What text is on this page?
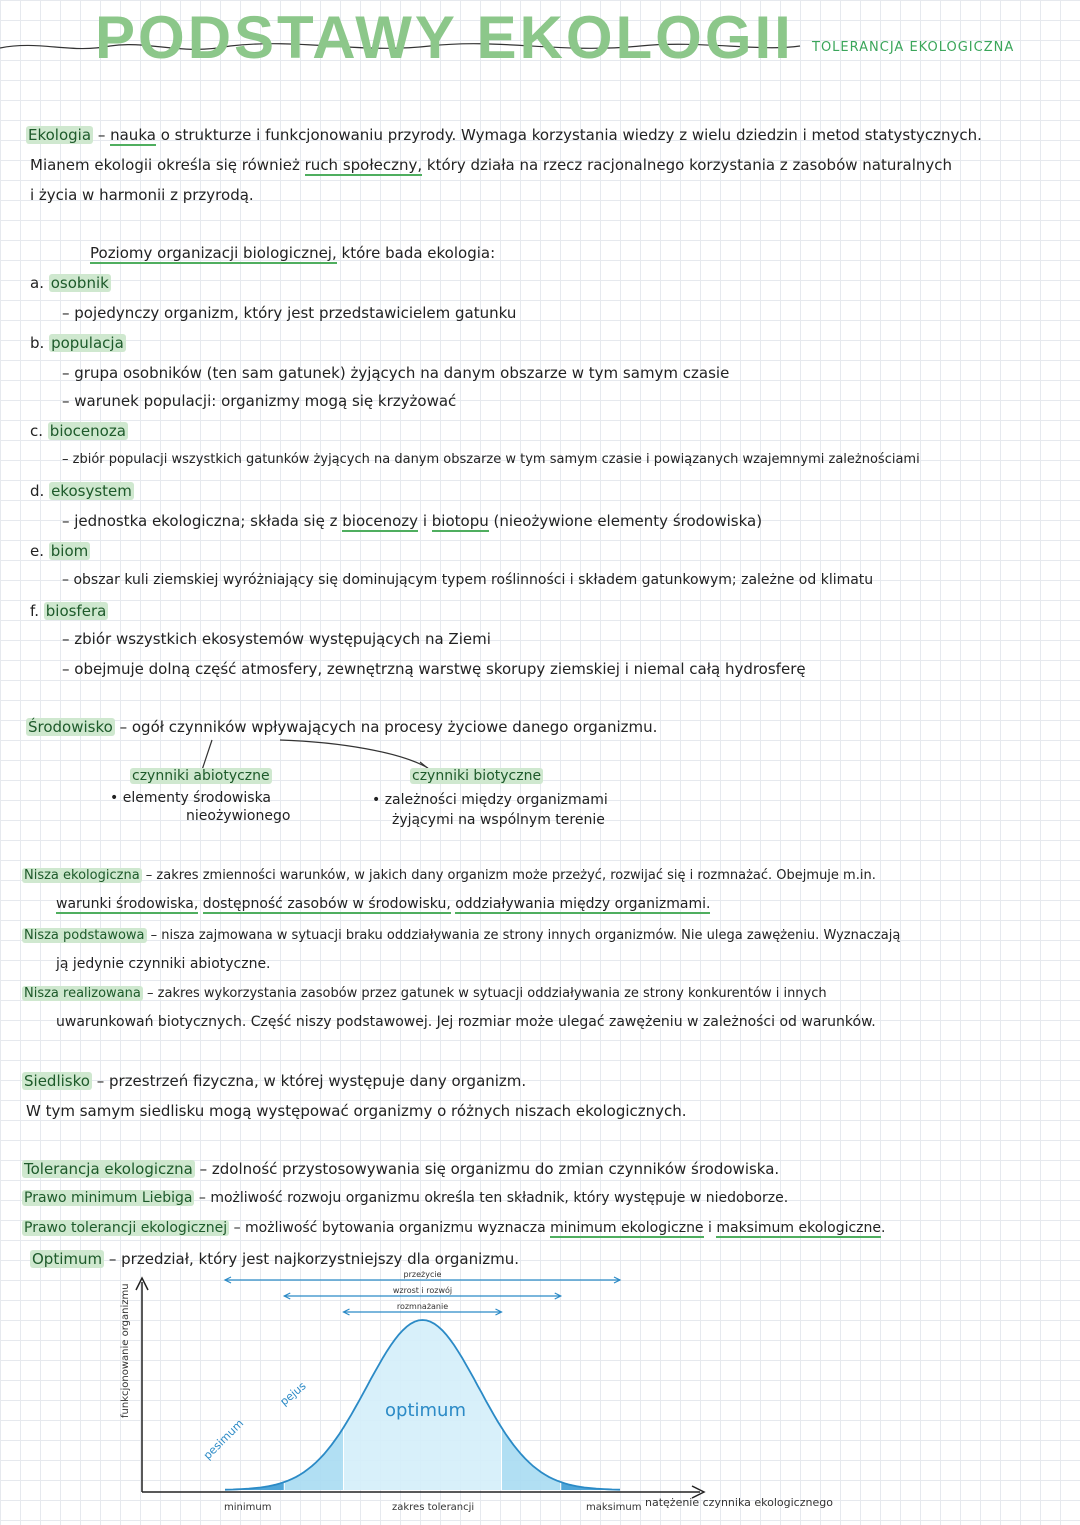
PODSTAWY EKOLOGII TOLERANCJA EKOLOGICZNA
Ekologia – nauka o strukturze i funkcjonowaniu przyrody. Wymaga korzystania wiedzy z wielu dziedzin i metod statystycznych.
Mianem ekologii określa się również ruch społeczny, który działa na rzecz racjonalnego korzystania z zasobów naturalnych
i życia w harmonii z przyrodą.
Poziomy organizacji biologicznej, które bada ekologia:
a. osobnik
– pojedynczy organizm, który jest przedstawicielem gatunku
b. populacja
– grupa osobników (ten sam gatunek) żyjących na danym obszarze w tym samym czasie
– warunek populacji: organizmy mogą się krzyżować
c. biocenoza
– zbiór populacji wszystkich gatunków żyjących na danym obszarze w tym samym czasie i powiązanych wzajemnymi zależnościami
d. ekosystem
– jednostka ekologiczna; składa się z biocenozy i biotopu (nieożywione elementy środowiska)
e. biom
– obszar kuli ziemskiej wyróżniający się dominującym typem roślinności i składem gatunkowym; zależne od klimatu
f. biosfera
– zbiór wszystkich ekosystemów występujących na Ziemi
– obejmuje dolną część atmosfery, zewnętrzną warstwę skorupy ziemskiej i niemal całą hydrosferę
Środowisko – ogół czynników wpływających na procesy życiowe danego organizmu.
czynniki abiotyczne
• elementy środowiska
nieożywionego
czynniki biotyczne
• zależności między organizmami
żyjącymi na wspólnym terenie
Nisza ekologiczna – zakres zmienności warunków, w jakich dany organizm może przeżyć, rozwijać się i rozmnażać. Obejmuje m.in.
warunki środowiska, dostępność zasobów w środowisku, oddziaływania między organizmami.
Nisza podstawowa – nisza zajmowana w sytuacji braku oddziaływania ze strony innych organizmów. Nie ulega zawężeniu. Wyznaczają
ją jedynie czynniki abiotyczne.
Nisza realizowana – zakres wykorzystania zasobów przez gatunek w sytuacji oddziaływania ze strony konkurentów i innych
uwarunkowań biotycznych. Część niszy podstawowej. Jej rozmiar może ulegać zawężeniu w zależności od warunków.
Siedlisko – przestrzeń fizyczna, w której występuje dany organizm.
W tym samym siedlisku mogą występować organizmy o różnych niszach ekologicznych.
Tolerancja ekologiczna – zdolność przystosowywania się organizmu do zmian czynników środowiska.
Prawo minimum Liebiga – możliwość rozwoju organizmu określa ten składnik, który występuje w niedoborze.
Prawo tolerancji ekologicznej – możliwość bytowania organizmu wyznacza minimum ekologiczne i maksimum ekologiczne.
Optimum – przedział, który jest najkorzystniejszy dla organizmu.
przeżycie
wzrost i rozwój
rozmnażanie
funkcjonowanie organizmu
natężenie czynnika ekologicznego
minimum	zakres tolerancji	maksimum
pesimum
pejus
optimum
